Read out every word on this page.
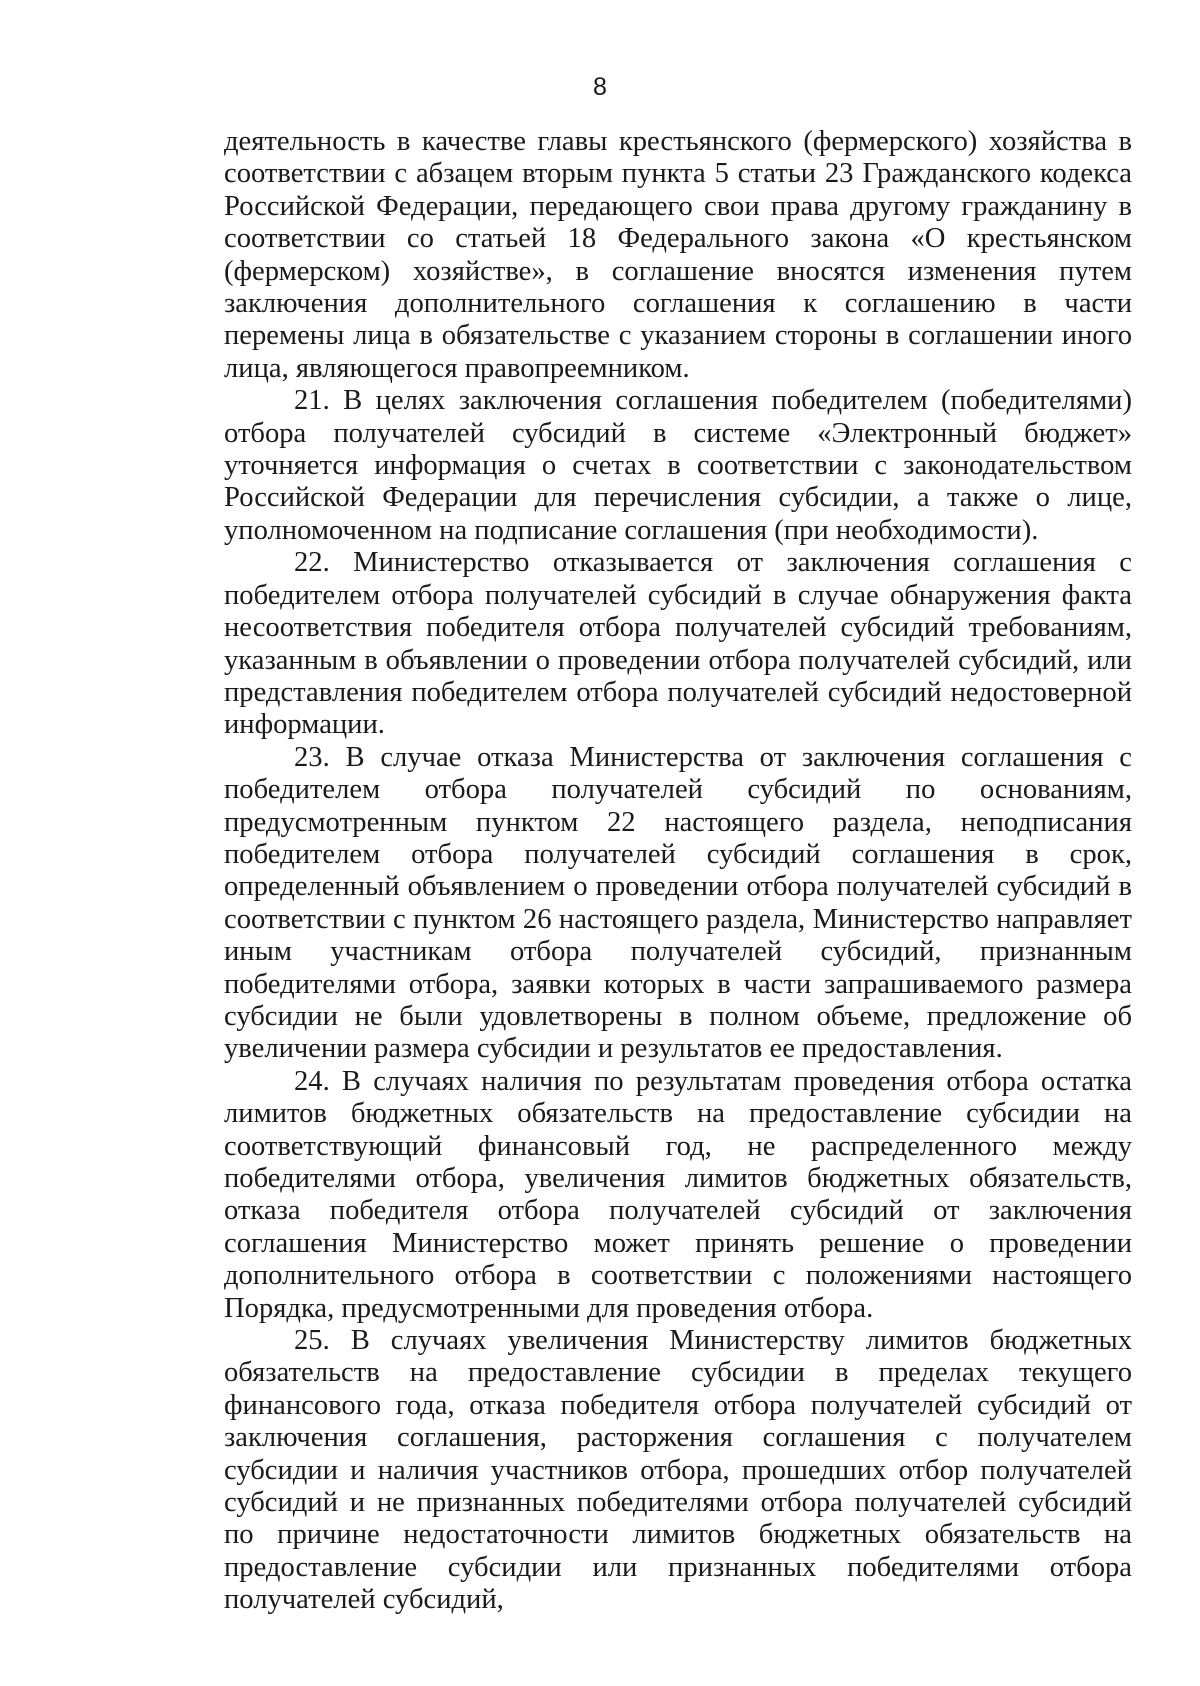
8

деятельность в качестве главы крестьянского (фермерского) хозяйства в соответствии с абзацем вторым пункта 5 статьи 23 Гражданского кодекса Российской Федерации, передающего свои права другому гражданину в соответствии со статьей 18 Федерального закона «О крестьянском (фермерском) хозяйстве», в соглашение вносятся изменения путем заключения дополнительного соглашения к соглашению в части перемены лица в обязательстве с указанием стороны в соглашении иного лица, являющегося правопреемником.

21. В целях заключения соглашения победителем (победителями) отбора получателей субсидий в системе «Электронный бюджет» уточняется информация о счетах в соответствии с законодательством Российской Федерации для перечисления субсидии, а также о лице, уполномоченном на подписание соглашения (при необходимости).

22. Министерство отказывается от заключения соглашения с победителем отбора получателей субсидий в случае обнаружения факта несоответствия победителя отбора получателей субсидий требованиям, указанным в объявлении о проведении отбора получателей субсидий, или представления победителем отбора получателей субсидий недостоверной информации.

23. В случае отказа Министерства от заключения соглашения с победителем отбора получателей субсидий по основаниям, предусмотренным пунктом 22 настоящего раздела, неподписания победителем отбора получателей субсидий соглашения в срок, определенный объявлением о проведении отбора получателей субсидий в соответствии с пунктом 26 настоящего раздела, Министерство направляет иным участникам отбора получателей субсидий, признанным победителями отбора, заявки которых в части запрашиваемого размера субсидии не были удовлетворены в полном объеме, предложение об увеличении размера субсидии и результатов ее предоставления.

24. В случаях наличия по результатам проведения отбора остатка лимитов бюджетных обязательств на предоставление субсидии на соответствующий финансовый год, не распределенного между победителями отбора, увеличения лимитов бюджетных обязательств, отказа победителя отбора получателей субсидий от заключения соглашения Министерство может принять решение о проведении дополнительного отбора в соответствии с положениями настоящего Порядка, предусмотренными для проведения отбора.

25. В случаях увеличения Министерству лимитов бюджетных обязательств на предоставление субсидии в пределах текущего финансового года, отказа победителя отбора получателей субсидий от заключения соглашения, расторжения соглашения с получателем субсидии и наличия участников отбора, прошедших отбор получателей субсидий и не признанных победителями отбора получателей субсидий по причине недостаточности лимитов бюджетных обязательств на предоставление субсидии или признанных победителями отбора получателей субсидий,
